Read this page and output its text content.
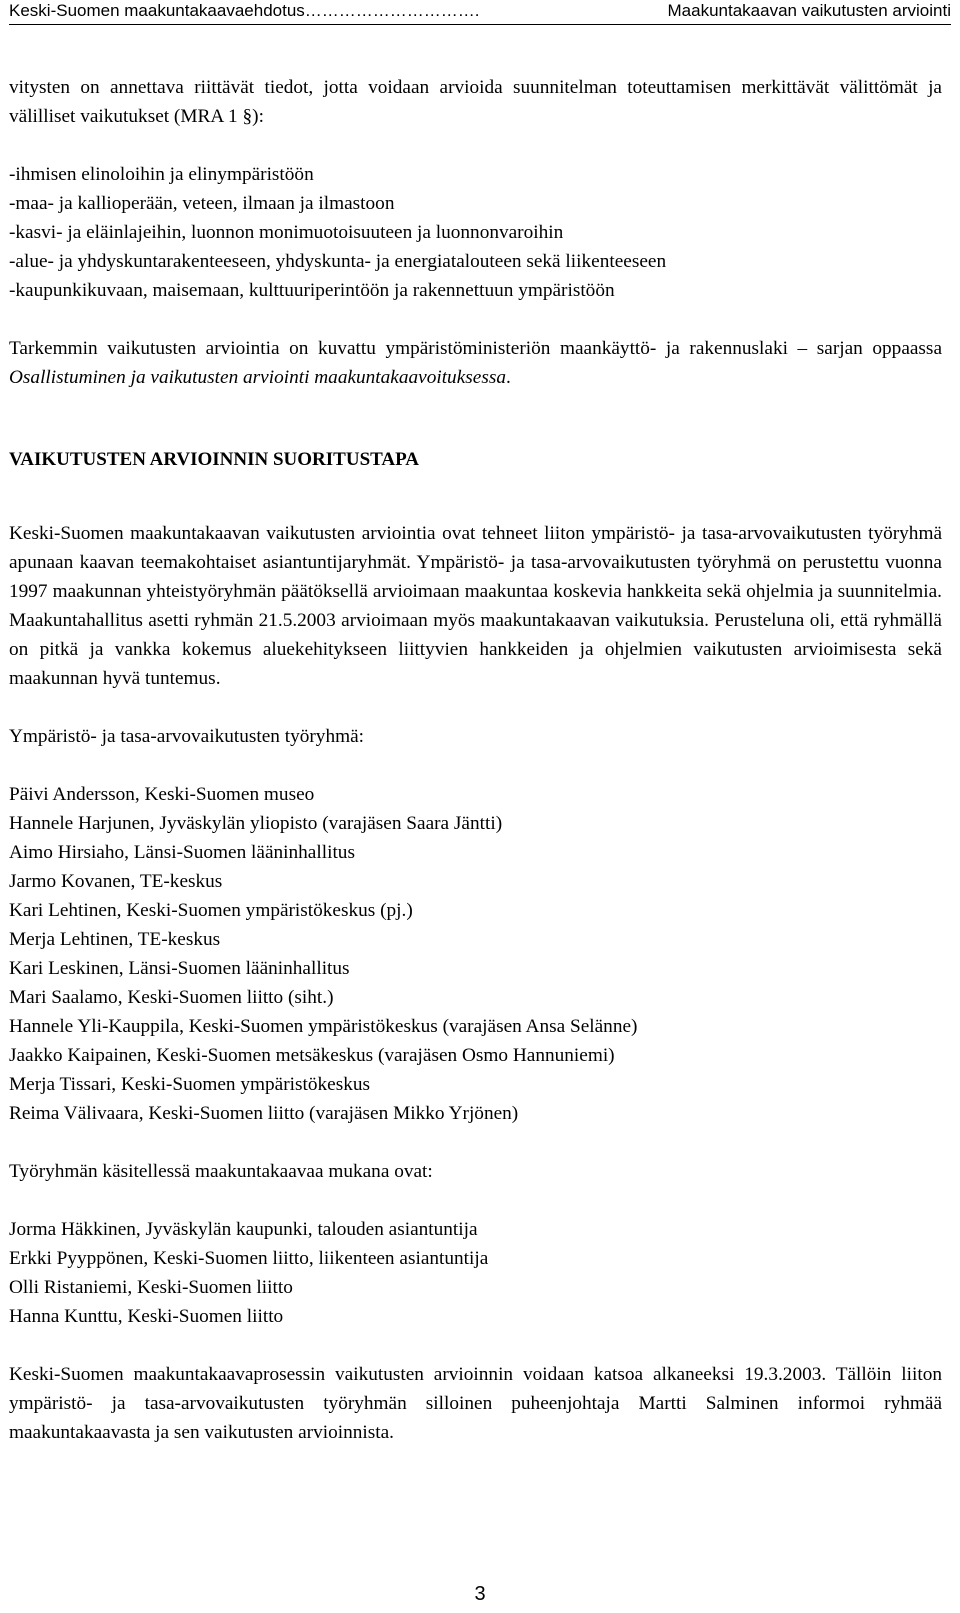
Keski-Suomen maakuntakaavaehdotus………………………….	Maakuntakaavan vaikutusten arviointi

vitysten on annettava riittävät tiedot, jotta voidaan arvioida suunnitelman toteuttamisen merkittävät välittömät ja välilliset vaikutukset (MRA 1 §):

-ihmisen elinoloihin ja elinympäristöön
-maa- ja kallioperään, veteen, ilmaan ja ilmastoon
-kasvi- ja eläinlajeihin, luonnon monimuotoisuuteen ja luonnonvaroihin
-alue- ja yhdyskuntarakenteeseen, yhdyskunta- ja energiatalouteen sekä liikenteeseen
-kaupunkikuvaan, maisemaan, kulttuuriperintöön ja rakennettuun ympäristöön

Tarkemmin vaikutusten arviointia on kuvattu ympäristöministeriön maankäyttö- ja rakennuslaki – sarjan oppaassa Osallistuminen ja vaikutusten arviointi maakuntakaavoituksessa.

VAIKUTUSTEN ARVIOINNIN SUORITUSTAPA

Keski-Suomen maakuntakaavan vaikutusten arviointia ovat tehneet liiton ympäristö- ja tasa-arvovaikutusten työryhmä apunaan kaavan teemakohtaiset asiantuntijaryhmät. Ympäristö- ja tasa-arvovaikutusten työryhmä on perustettu vuonna 1997 maakunnan yhteistyöryhmän päätöksellä arvioimaan maakuntaa koskevia hankkeita sekä ohjelmia ja suunnitelmia. Maakuntahallitus asetti ryhmän 21.5.2003 arvioimaan myös maakuntakaavan vaikutuksia. Perusteluna oli, että ryhmällä on pitkä ja vankka kokemus aluekehitykseen liittyvien hankkeiden ja ohjelmien vaikutusten arvioimisesta sekä maakunnan hyvä tuntemus.

Ympäristö- ja tasa-arvovaikutusten työryhmä:

Päivi Andersson, Keski-Suomen museo
Hannele Harjunen, Jyväskylän yliopisto (varajäsen Saara Jäntti)
Aimo Hirsiaho, Länsi-Suomen lääninhallitus
Jarmo Kovanen, TE-keskus
Kari Lehtinen, Keski-Suomen ympäristökeskus (pj.)
Merja Lehtinen, TE-keskus
Kari Leskinen, Länsi-Suomen lääninhallitus
Mari Saalamo, Keski-Suomen liitto (siht.)
Hannele Yli-Kauppila, Keski-Suomen ympäristökeskus (varajäsen Ansa Selänne)
Jaakko Kaipainen, Keski-Suomen metsäkeskus (varajäsen Osmo Hannuniemi)
Merja Tissari, Keski-Suomen ympäristökeskus
Reima Välivaara, Keski-Suomen liitto (varajäsen Mikko Yrjönen)

Työryhmän käsitellessä maakuntakaavaa mukana ovat:

Jorma Häkkinen, Jyväskylän kaupunki, talouden asiantuntija
Erkki Pyyppönen, Keski-Suomen liitto, liikenteen asiantuntija
Olli Ristaniemi, Keski-Suomen liitto
Hanna Kunttu, Keski-Suomen liitto

Keski-Suomen maakuntakaavaprosessin vaikutusten arvioinnin voidaan katsoa alkaneeksi 19.3.2003. Tällöin liiton ympäristö- ja tasa-arvovaikutusten työryhmän silloinen puheenjohtaja Martti Salminen informoi ryhmää maakuntakaavasta ja sen vaikutusten arvioinnista.

3
